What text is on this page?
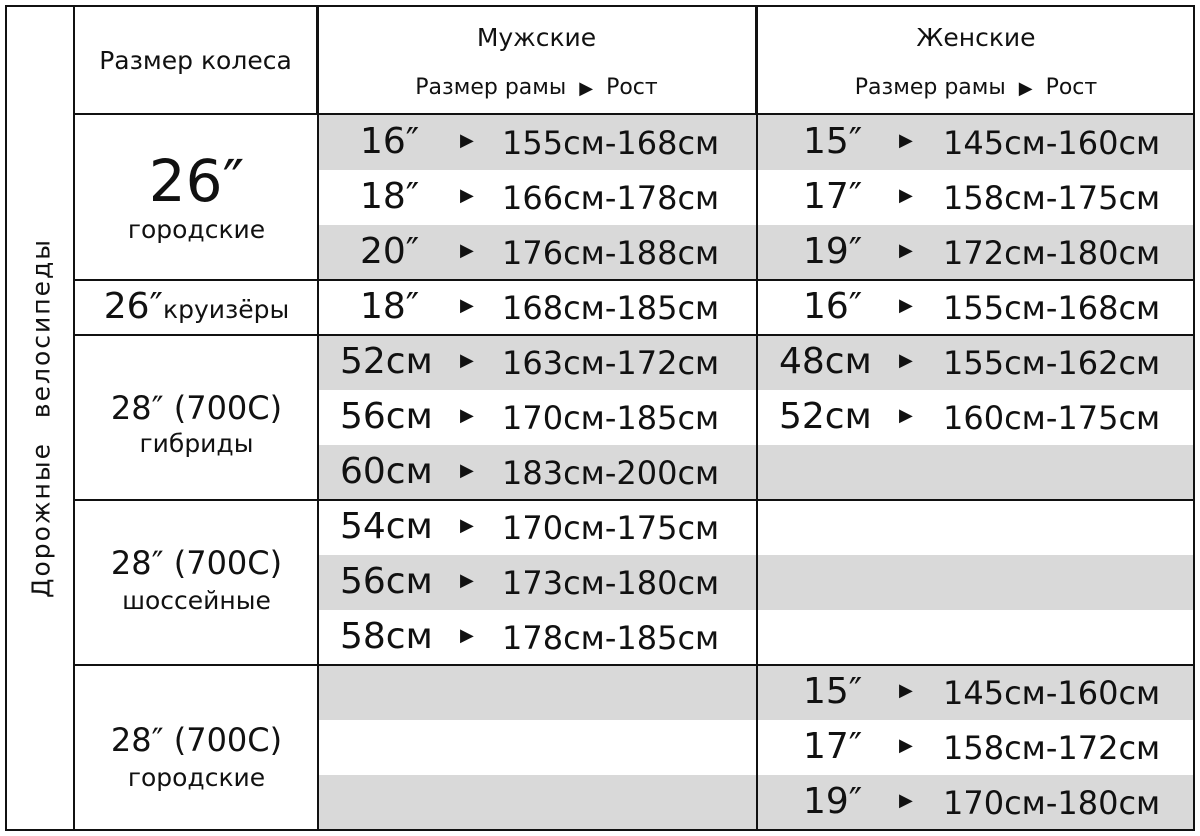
Дорожные велосипеды
Размер колеса
Мужские
Размер рамы ▶ Рост
Женские
Размер рамы ▶ Рост
26″
городские
26″круизёры
28″ (700С)
гибриды
28″ (700С)
шоссейные
28″ (700С)
городские
16″ ▶ 155см-168см
18″ ▶ 166см-178см
20″ ▶ 176см-188см
18″ ▶ 168см-185см
52см ▶ 163см-172см
56см ▶ 170см-185см
60см ▶ 183см-200см
54см ▶ 170см-175см
56см ▶ 173см-180см
58см ▶ 178см-185см
15″ ▶ 145см-160см
17″ ▶ 158см-175см
19″ ▶ 172см-180см
16″ ▶ 155см-168см
48см ▶ 155см-162см
52см ▶ 160см-175см
15″ ▶ 145см-160см
17″ ▶ 158см-172см
19″ ▶ 170см-180см
